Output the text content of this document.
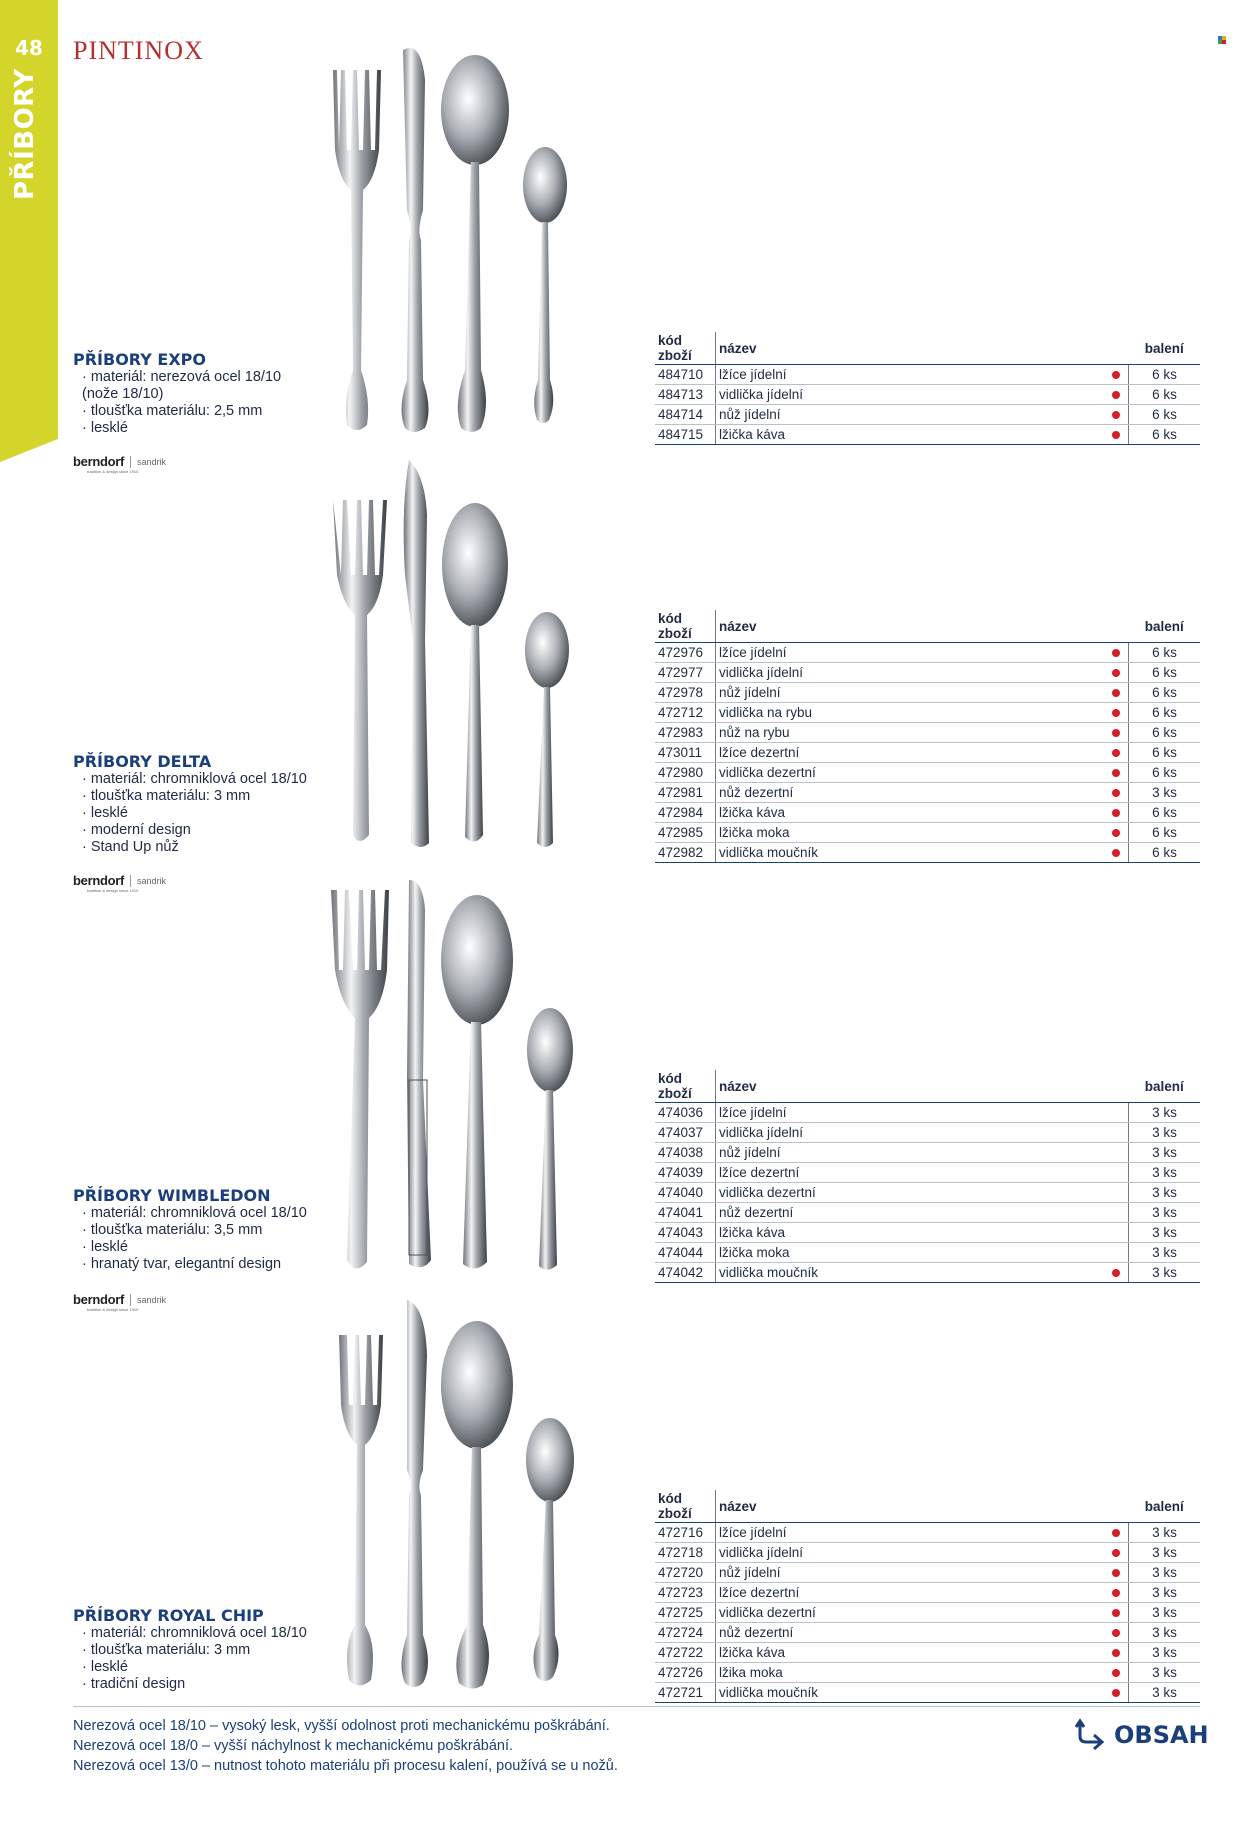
48
PŘÍBORY
PINTINOX
PŘÍBORY EXPO
· materiál: nerezová ocel 18/10
(nože 18/10)
· tloušťka materiálu: 2,5 mm
· lesklé
kód zboží	název		balení
484710	lžíce jídelní		6 ks
484713	vidlička jídelní		6 ks
484714	nůž jídelní		6 ks
484715	lžička káva		6 ks
berndorf sandrik
tradition & design since 1910
PŘÍBORY DELTA
· materiál: chromniklová ocel 18/10
· tloušťka materiálu: 3 mm
· lesklé
· moderní design
· Stand Up nůž
kód zboží	název		balení
472976	lžíce jídelní		6 ks
472977	vidlička jídelní		6 ks
472978	nůž jídelní		6 ks
472712	vidlička na rybu		6 ks
472983	nůž na rybu		6 ks
473011	lžíce dezertní		6 ks
472980	vidlička dezertní		6 ks
472981	nůž dezertní		3 ks
472984	lžička káva		6 ks
472985	lžička moka		6 ks
472982	vidlička moučník		6 ks
berndorf sandrik
tradition & design since 1910
PŘÍBORY WIMBLEDON
· materiál: chromniklová ocel 18/10
· tloušťka materiálu: 3,5 mm
· lesklé
· hranatý tvar, elegantní design
kód zboží	název		balení
474036	lžíce jídelní		3 ks
474037	vidlička jídelní		3 ks
474038	nůž jídelní		3 ks
474039	lžíce dezertní		3 ks
474040	vidlička dezertní		3 ks
474041	nůž dezertní		3 ks
474043	lžička káva		3 ks
474044	lžička moka		3 ks
474042	vidlička moučník		3 ks
berndorf sandrik
tradition & design since 1910
PŘÍBORY ROYAL CHIP
· materiál: chromniklová ocel 18/10
· tloušťka materiálu: 3 mm
· lesklé
· tradiční design
kód zboží	název		balení
472716	lžíce jídelní		3 ks
472718	vidlička jídelní		3 ks
472720	nůž jídelní		3 ks
472723	lžíce dezertní		3 ks
472725	vidlička dezertní		3 ks
472724	nůž dezertní		3 ks
472722	lžička káva		3 ks
472726	lžika moka		3 ks
472721	vidlička moučník		3 ks
Nerezová ocel 18/10 – vysoký lesk, vyšší odolnost proti mechanickému poškrábání.
Nerezová ocel 18/0 – vyšší náchylnost k mechanickému poškrábání.
Nerezová ocel 13/0 – nutnost tohoto materiálu při procesu kalení, používá se u nožů.
OBSAH
